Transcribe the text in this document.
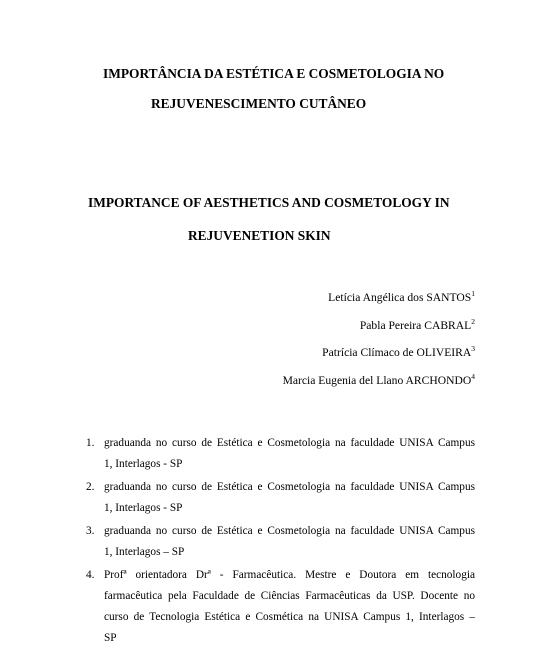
IMPORTÂNCIA DA ESTÉTICA E COSMETOLOGIA NO
REJUVENESCIMENTO CUTÂNEO
IMPORTANCE OF AESTHETICS AND COSMETOLOGY IN
REJUVENETION SKIN
Letícia Angélica dos SANTOS$^1$
Pabla Pereira CABRAL$^2$
Patrícia Clímaco de OLIVEIRA$^3$
Marcia Eugenia del Llano ARCHONDO$^4$
1. graduanda no curso de Estética e Cosmetologia na faculdade UNISA Campus
1, Interlagos - SP
2. graduanda no curso de Estética e Cosmetologia na faculdade UNISA Campus
1, Interlagos - SP
3. graduanda no curso de Estética e Cosmetologia na faculdade UNISA Campus
1, Interlagos – SP
4. Profª orientadora Drª - Farmacêutica. Mestre e Doutora em tecnologia
farmacêutica pela Faculdade de Ciências Farmacêuticas da USP. Docente no
curso de Tecnologia Estética e Cosmética na UNISA Campus 1, Interlagos –
SP
